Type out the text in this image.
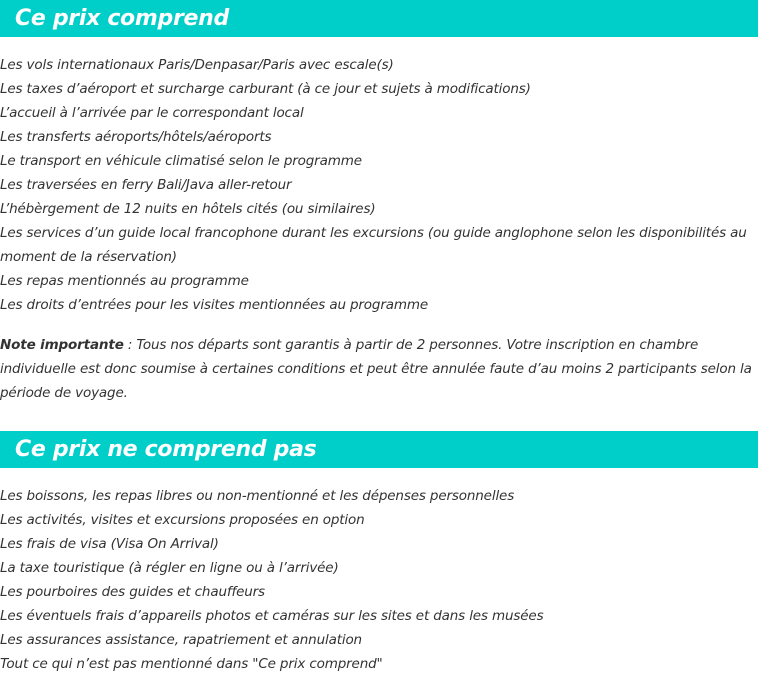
Ce prix comprend
Les vols internationaux Paris/Denpasar/Paris avec escale(s)
Les taxes d’aéroport et surcharge carburant (à ce jour et sujets à modifications)
L’accueil à l’arrivée par le correspondant local
Les transferts aéroports/hôtels/aéroports
Le transport en véhicule climatisé selon le programme
Les traversées en ferry Bali/Java aller-retour
L’hébèrgement de 12 nuits en hôtels cités (ou similaires)
Les services d’un guide local francophone durant les excursions (ou guide anglophone selon les disponibilités au moment de la réservation)
Les repas mentionnés au programme
Les droits d’entrées pour les visites mentionnées au programme

Note importante : Tous nos départs sont garantis à partir de 2 personnes. Votre inscription en chambre individuelle est donc soumise à certaines conditions et peut être annulée faute d’au moins 2 participants selon la période de voyage.

Ce prix ne comprend pas
Les boissons, les repas libres ou non-mentionné et les dépenses personnelles
Les activités, visites et excursions proposées en option
Les frais de visa (Visa On Arrival)
La taxe touristique (à régler en ligne ou à l’arrivée)
Les pourboires des guides et chauffeurs
Les éventuels frais d’appareils photos et caméras sur les sites et dans les musées
Les assurances assistance, rapatriement et annulation
Tout ce qui n’est pas mentionné dans "Ce prix comprend"
